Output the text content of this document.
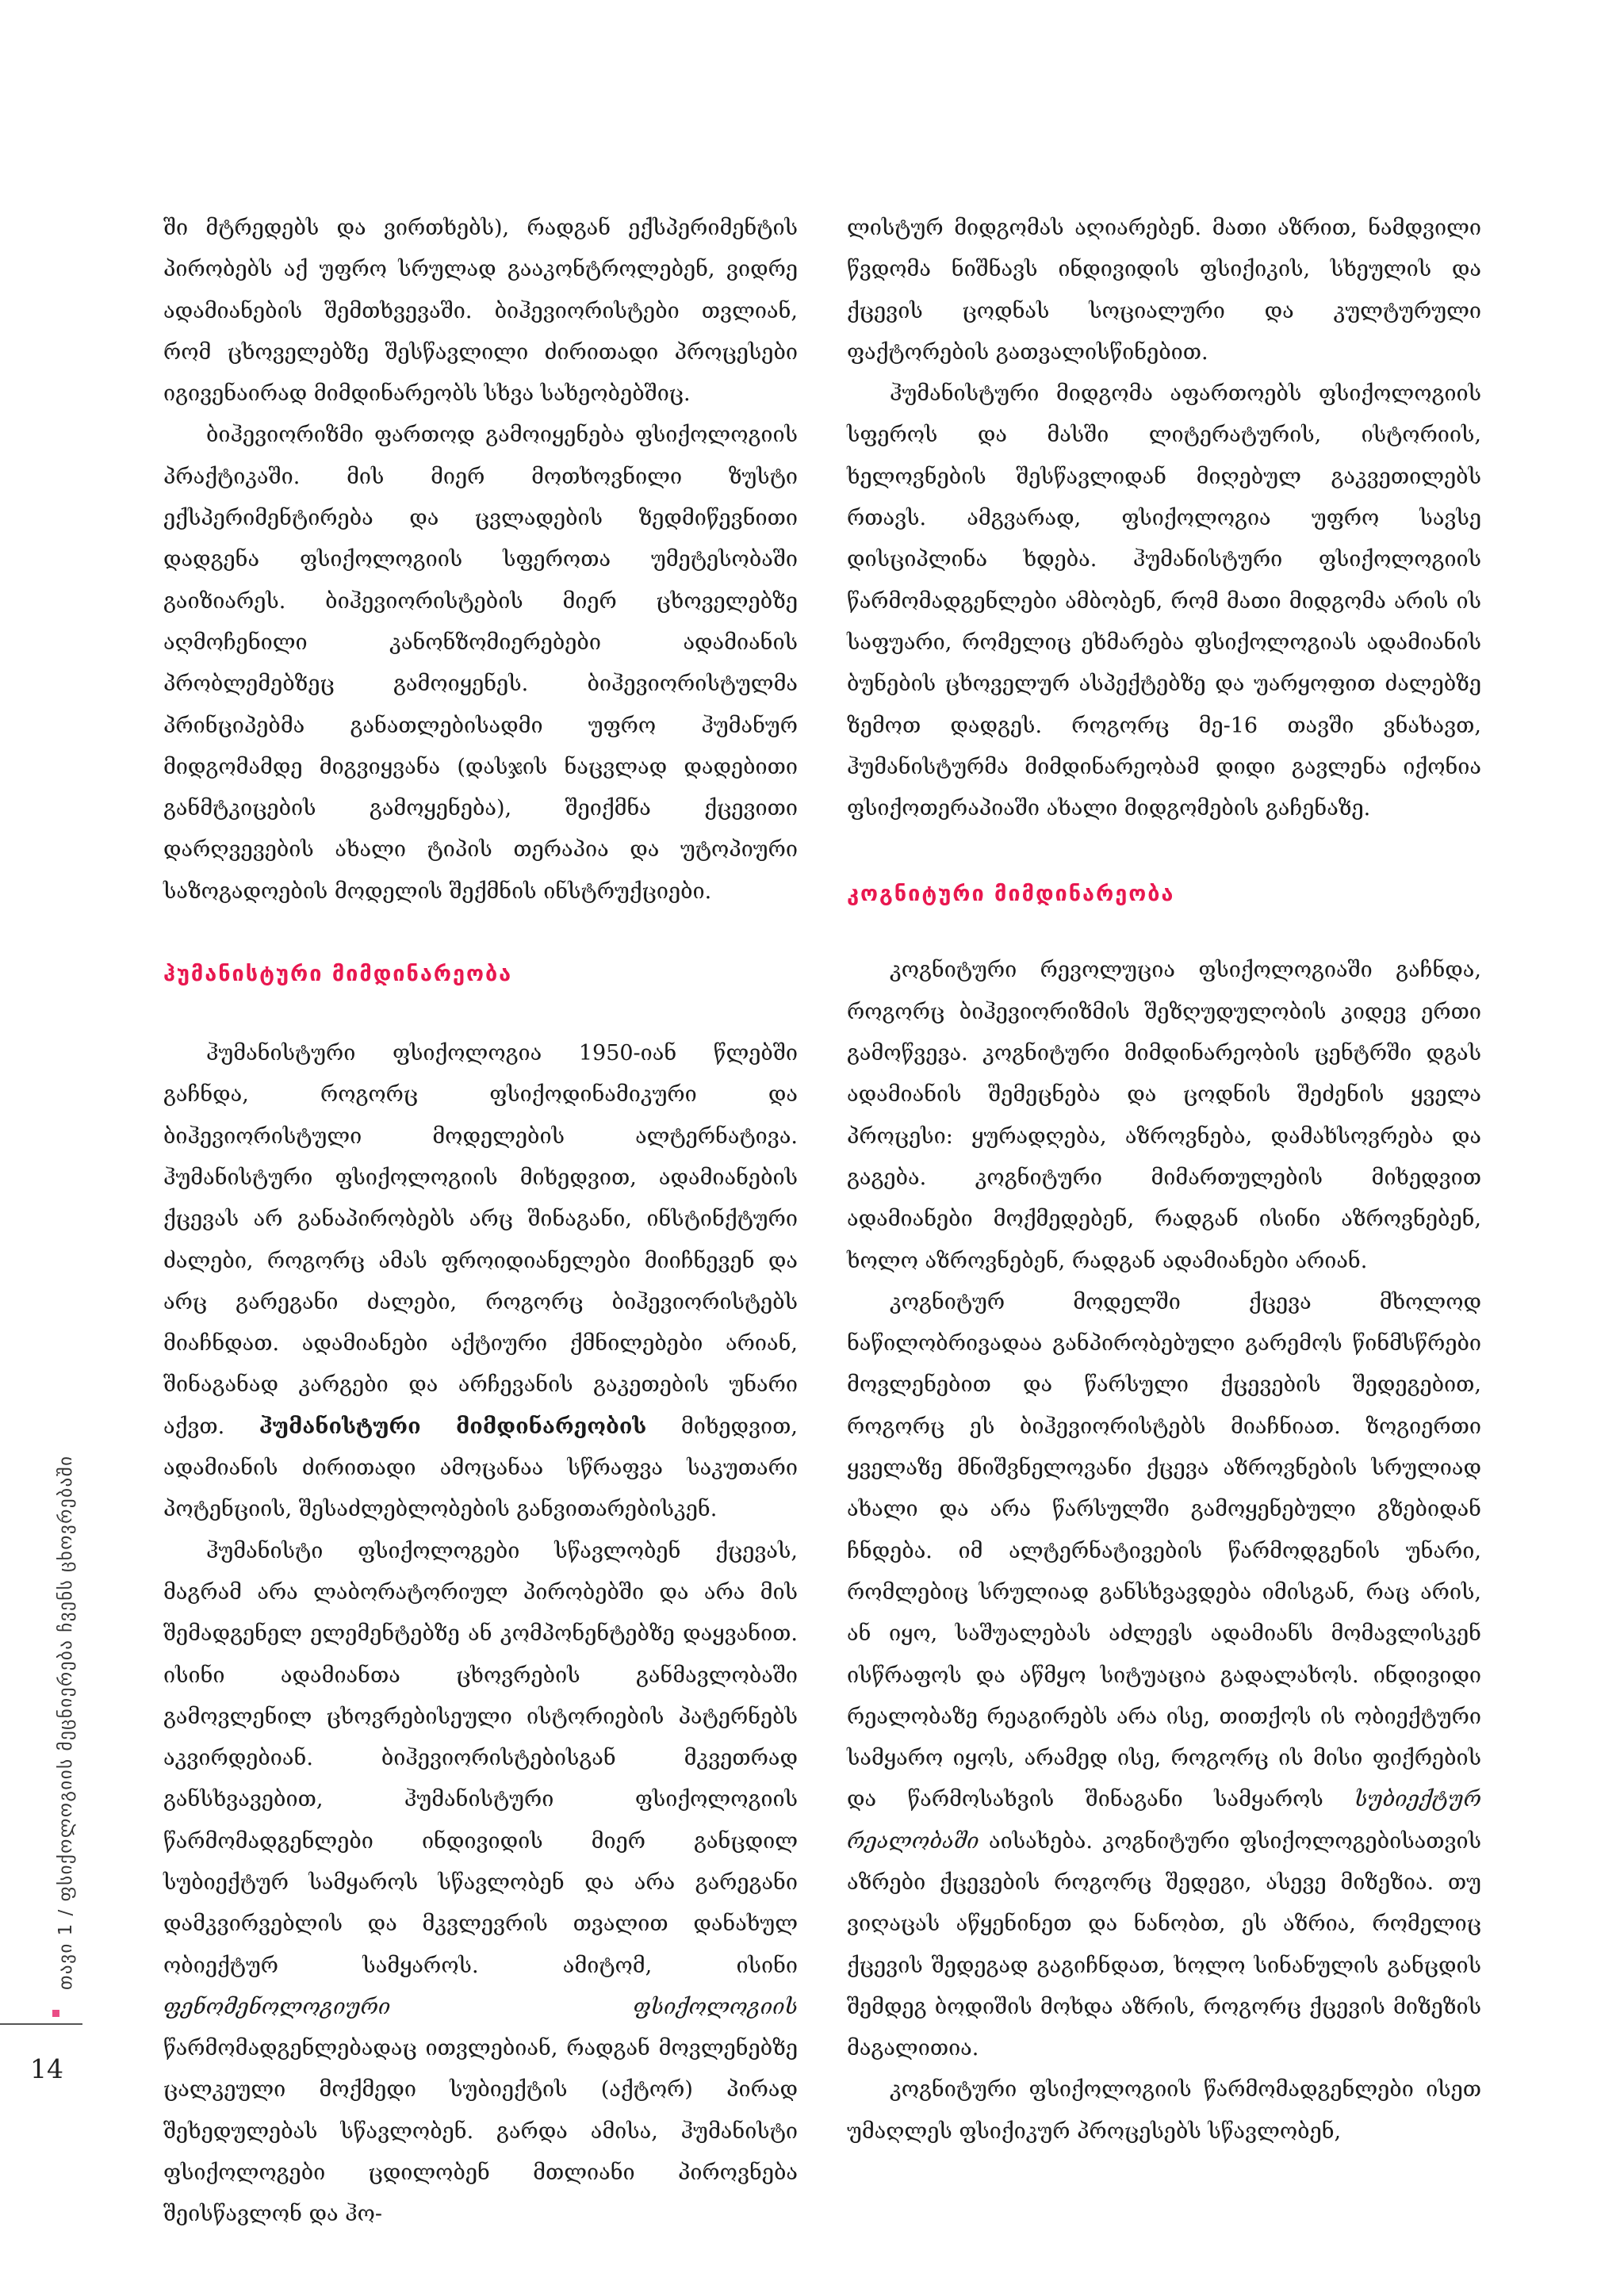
ში მტრედებს და ვირთხებს), რადგან ექსპერიმენტის პირობებს აქ უფრო სრულად გააკონტროლებენ, ვიდრე ადამიანების შემთხვევაში. ბიჰევიორისტები თვლიან, რომ ცხოველებზე შესწავლილი ძირითადი პროცესები იგივენაირად მიმდინარეობს სხვა სახეობებშიც.

ბიჰევიორიზმი ფართოდ გამოიყენება ფსიქოლოგიის პრაქტიკაში. მის მიერ მოთხოვნილი ზუსტი ექსპერიმენტირება და ცვლადების ზედმიწევნითი დადგენა ფსიქოლოგიის სფეროთა უმეტესობაში გაიზიარეს. ბიჰევიორისტების მიერ ცხოველებზე აღმოჩენილი კანონზომიერებები ადამიანის პრობლემებზეც გამოიყენეს. ბიჰევიორისტულმა პრინციპებმა განათლებისადმი უფრო ჰუმანურ მიდგომამდე მიგვიყვანა (დასჯის ნაცვლად დადებითი განმტკიცების გამოყენება), შეიქმნა ქცევითი დარღვევების ახალი ტიპის თერაპია და უტოპიური საზოგადოების მოდელის შექმნის ინსტრუქციები.

ჰუმანისტური მიმდინარეობა

ჰუმანისტური ფსიქოლოგია 1950-იან წლებში გაჩნდა, როგორც ფსიქოდინამიკური და ბიჰევიორისტული მოდელების ალტერნატივა. ჰუმანისტური ფსიქოლოგიის მიხედვით, ადამიანების ქცევას არ განაპირობებს არც შინაგანი, ინსტინქტური ძალები, როგორც ამას ფროიდიანელები მიიჩნევენ და არც გარეგანი ძალები, როგორც ბიჰევიორისტებს მიაჩნდათ. ადამიანები აქტიური ქმნილებები არიან, შინაგანად კარგები და არჩევანის გაკეთების უნარი აქვთ. ჰუმანისტური მიმდინარეობის მიხედვით, ადამიანის ძირითადი ამოცანაა სწრაფვა საკუთარი პოტენციის, შესაძლებლობების განვითარებისკენ.

ჰუმანისტი ფსიქოლოგები სწავლობენ ქცევას, მაგრამ არა ლაბორატორიულ პირობებში და არა მის შემადგენელ ელემენტებზე ან კომპონენტებზე დაყვანით. ისინი ადამიანთა ცხოვრების განმავლობაში გამოვლენილ ცხოვრებისეული ისტორიების პატერნებს აკვირდებიან. ბიჰევიორისტებისგან მკვეთრად განსხვავებით, ჰუმანისტური ფსიქოლოგიის წარმომადგენლები ინდივიდის მიერ განცდილ სუბიექტურ სამყაროს სწავლობენ და არა გარეგანი დამკვირვებლის და მკვლევრის თვალით დანახულ ობიექტურ სამყაროს. ამიტომ, ისინი ფენომენოლოგიური ფსიქოლოგიის წარმომადგენლებადაც ითვლებიან, რადგან მოვლენებზე ცალკეული მოქმედი სუბიექტის (აქტორ) პირად შეხედულებას სწავლობენ. გარდა ამისა, ჰუმანისტი ფსიქოლოგები ცდილობენ მთლიანი პიროვნება შეისწავლონ და ჰო-

ლისტურ მიდგომას აღიარებენ. მათი აზრით, ნამდვილი წვდომა ნიშნავს ინდივიდის ფსიქიკის, სხეულის და ქცევის ცოდნას სოციალური და კულტურული ფაქტორების გათვალისწინებით.

ჰუმანისტური მიდგომა აფართოებს ფსიქოლოგიის სფეროს და მასში ლიტერატურის, ისტორიის, ხელოვნების შესწავლიდან მიღებულ გაკვეთილებს რთავს. ამგვარად, ფსიქოლოგია უფრო სავსე დისციპლინა ხდება. ჰუმანისტური ფსიქოლოგიის წარმომადგენლები ამბობენ, რომ მათი მიდგომა არის ის საფუარი, რომელიც ეხმარება ფსიქოლოგიას ადამიანის ბუნების ცხოველურ ასპექტებზე და უარყოფით ძალებზე ზემოთ დადგეს. როგორც მე-16 თავში ვნახავთ, ჰუმანისტურმა მიმდინარეობამ დიდი გავლენა იქონია ფსიქოთერაპიაში ახალი მიდგომების გაჩენაზე.

კოგნიტური მიმდინარეობა

კოგნიტური რევოლუცია ფსიქოლოგიაში გაჩნდა, როგორც ბიჰევიორიზმის შეზღუდულობის კიდევ ერთი გამოწვევა. კოგნიტური მიმდინარეობის ცენტრში დგას ადამიანის შემეცნება და ცოდნის შეძენის ყველა პროცესი: ყურადღება, აზროვნება, დამახსოვრება და გაგება. კოგნიტური მიმართულების მიხედვით ადამიანები მოქმედებენ, რადგან ისინი აზროვნებენ, ხოლო აზროვნებენ, რადგან ადამიანები არიან.

კოგნიტურ მოდელში ქცევა მხოლოდ ნაწილობრივადაა განპირობებული გარემოს წინმსწრები მოვლენებით და წარსული ქცევების შედეგებით, როგორც ეს ბიჰევიორისტებს მიაჩნიათ. ზოგიერთი ყველაზე მნიშვნელოვანი ქცევა აზროვნების სრულიად ახალი და არა წარსულში გამოყენებული გზებიდან ჩნდება. იმ ალტერნატივების წარმოდგენის უნარი, რომლებიც სრულიად განსხვავდება იმისგან, რაც არის, ან იყო, საშუალებას აძლევს ადამიანს მომავლისკენ ისწრაფოს და აწმყო სიტუაცია გადალახოს. ინდივიდი რეალობაზე რეაგირებს არა ისე, თითქოს ის ობიექტური სამყარო იყოს, არამედ ისე, როგორც ის მისი ფიქრების და წარმოსახვის შინაგანი სამყაროს სუბიექტურ რეალობაში აისახება. კოგნიტური ფსიქოლოგებისათვის აზრები ქცევების როგორც შედეგი, ასევე მიზეზია. თუ ვიღაცას აწყენინეთ და ნანობთ, ეს აზრია, რომელიც ქცევის შედეგად გაგიჩნდათ, ხოლო სინანულის განცდის შემდეგ ბოდიშის მოხდა აზრის, როგორც ქცევის მიზეზის მაგალითია.

კოგნიტური ფსიქოლოგიის წარმომადგენლები ისეთ უმაღლეს ფსიქიკურ პროცესებს სწავლობენ,

თავი 1 / ფსიქოლოგიის მეცნიერება ჩვენს ცხოვრებაში
14
